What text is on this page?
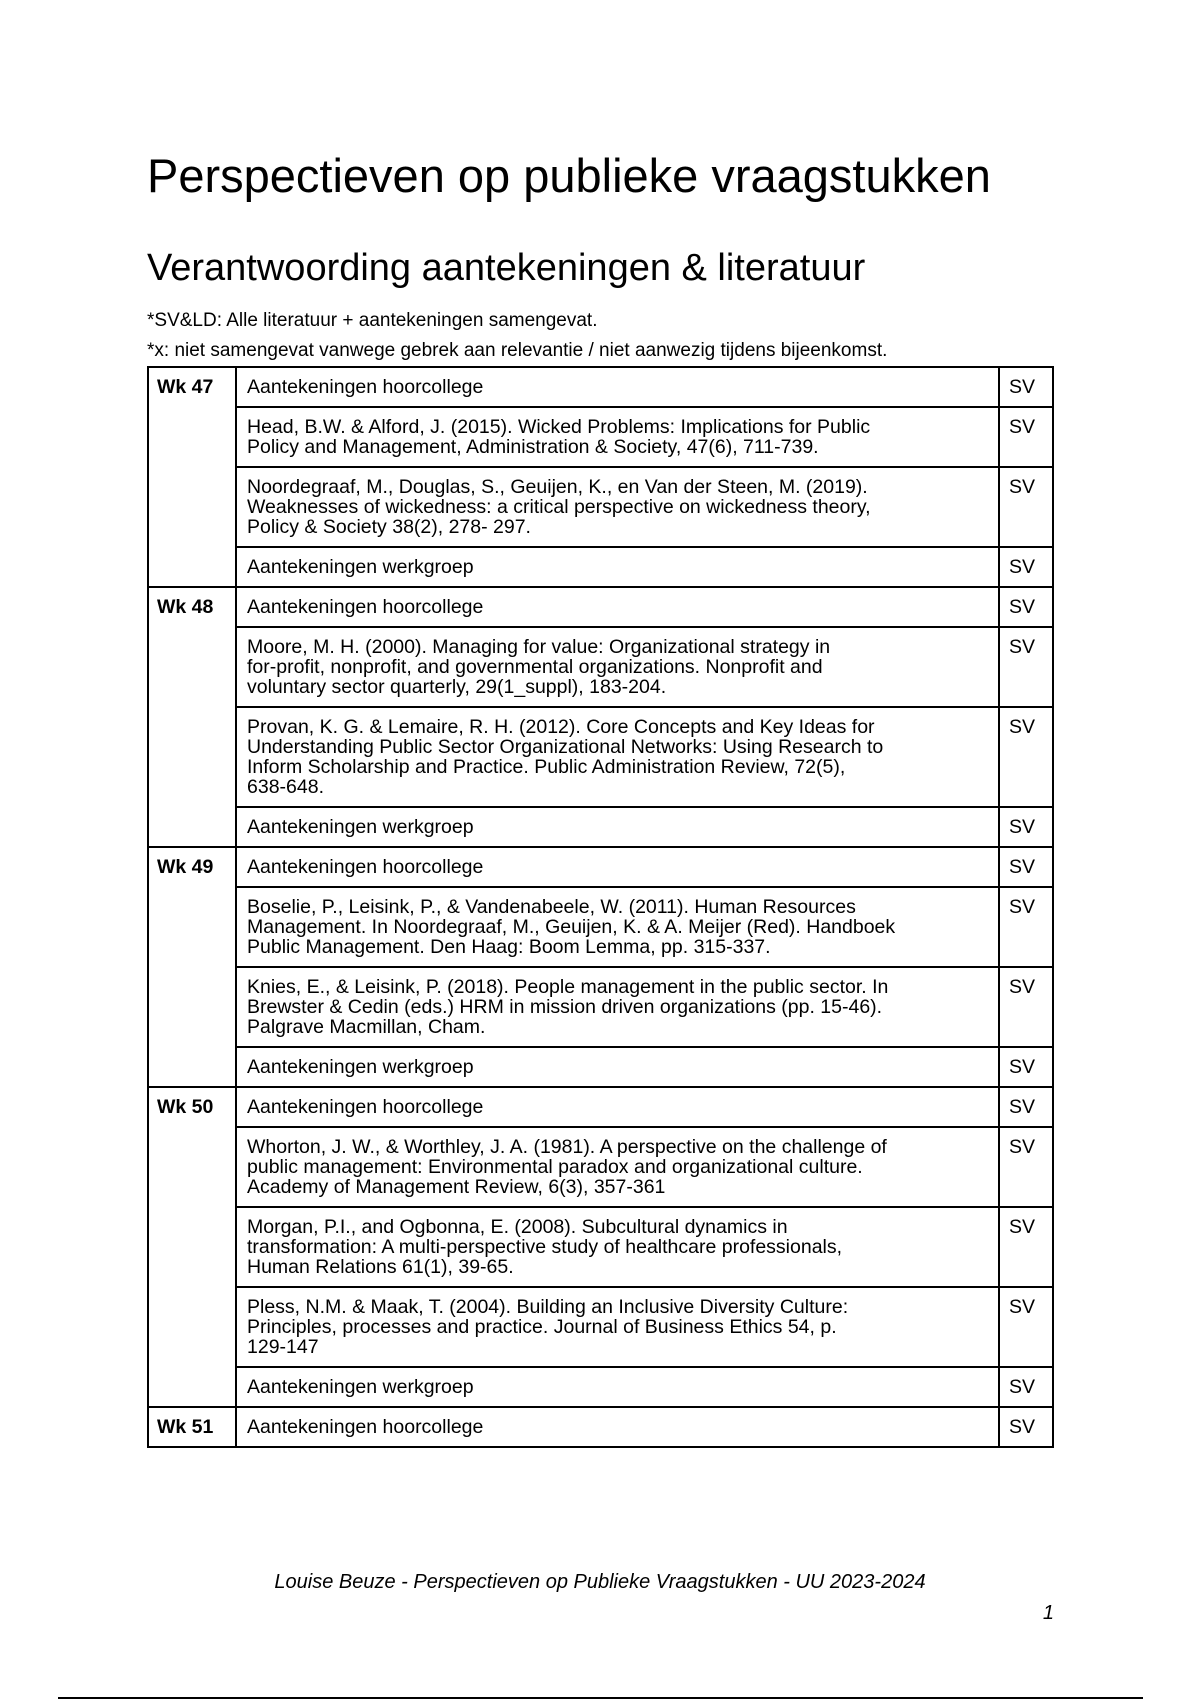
Perspectieven op publieke vraagstukken
Verantwoording aantekeningen & literatuur
*SV&LD: Alle literatuur + aantekeningen samengevat.
*x: niet samengevat vanwege gebrek aan relevantie / niet aanwezig tijdens bijeenkomst.
Wk 47	Aantekeningen hoorcollege	SV
	Head, B.W. & Alford, J. (2015). Wicked Problems: Implications for Public
Policy and Management, Administration & Society, 47(6), 711-739.	SV
	Noordegraaf, M., Douglas, S., Geuijen, K., en Van der Steen, M. (2019).
Weaknesses of wickedness: a critical perspective on wickedness theory,
Policy & Society 38(2), 278- 297.	SV
	Aantekeningen werkgroep	SV
Wk 48	Aantekeningen hoorcollege	SV
	Moore, M. H. (2000). Managing for value: Organizational strategy in
for-profit, nonprofit, and governmental organizations. Nonprofit and
voluntary sector quarterly, 29(1_suppl), 183-204.	SV
	Provan, K. G. & Lemaire, R. H. (2012). Core Concepts and Key Ideas for
Understanding Public Sector Organizational Networks: Using Research to
Inform Scholarship and Practice. Public Administration Review, 72(5),
638-648.	SV
	Aantekeningen werkgroep	SV
Wk 49	Aantekeningen hoorcollege	SV
	Boselie, P., Leisink, P., & Vandenabeele, W. (2011). Human Resources
Management. In Noordegraaf, M., Geuijen, K. & A. Meijer (Red). Handboek
Public Management. Den Haag: Boom Lemma, pp. 315-337.	SV
	Knies, E., & Leisink, P. (2018). People management in the public sector. In
Brewster & Cedin (eds.) HRM in mission driven organizations (pp. 15-46).
Palgrave Macmillan, Cham.	SV
	Aantekeningen werkgroep	SV
Wk 50	Aantekeningen hoorcollege	SV
	Whorton, J. W., & Worthley, J. A. (1981). A perspective on the challenge of
public management: Environmental paradox and organizational culture.
Academy of Management Review, 6(3), 357-361	SV
	Morgan, P.I., and Ogbonna, E. (2008). Subcultural dynamics in
transformation: A multi-perspective study of healthcare professionals,
Human Relations 61(1), 39-65.	SV
	Pless, N.M. & Maak, T. (2004). Building an Inclusive Diversity Culture:
Principles, processes and practice. Journal of Business Ethics 54, p.
129-147	SV
	Aantekeningen werkgroep	SV
Wk 51	Aantekeningen hoorcollege	SV
Louise Beuze - Perspectieven op Publieke Vraagstukken - UU 2023-2024
1
